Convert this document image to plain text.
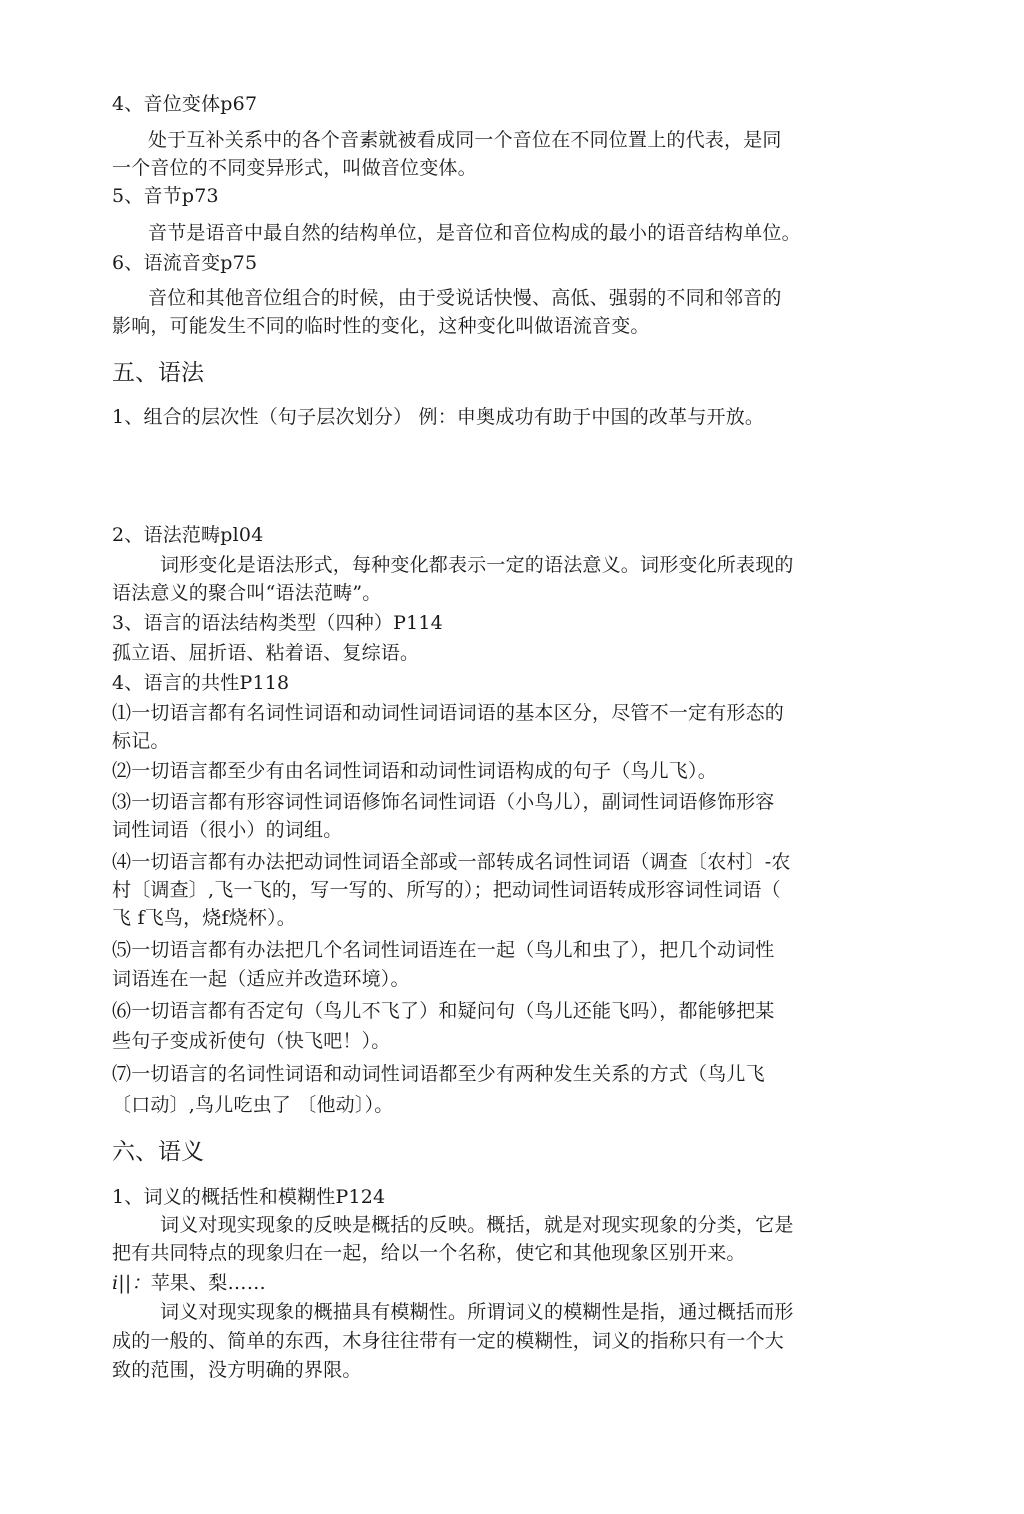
4、音位变体p67
处于互补关系中的各个音素就被看成同一个音位在不同位置上的代表，是同
一个音位的不同变异形式，叫做音位变体。
5、音节p73
音节是语音中最自然的结构单位，是音位和音位构成的最小的语音结构单位。
6、语流音变p75
音位和其他音位组合的时候，由于受说话快慢、高低、强弱的不同和邻音的
影响，可能发生不同的临时性的变化，这种变化叫做语流音变。
五、语法
1、组合的层次性（句子层次划分） 例：申奥成功有助于中国的改革与开放。
2、语法范畴pl04
词形变化是语法形式，每种变化都表示一定的语法意义。词形变化所表现的
语法意义的聚合叫“语法范畴”。
3、语言的语法结构类型（四种）P114
孤立语、屈折语、粘着语、复综语。
4、语言的共性P118
⑴一切语言都有名词性词语和动词性词语词语的基本区分，尽管不一定有形态的
标记。
⑵一切语言都至少有由名词性词语和动词性词语构成的句子（鸟儿飞）。
⑶一切语言都有形容词性词语修饰名词性词语（小鸟儿），副词性词语修饰形容
词性词语（很小）的词组。
⑷一切语言都有办法把动词性词语全部或一部转成名词性词语（调查〔农村〕-农
村〔调查〕,飞一飞的，写一写的、所写的）；把动词性词语转成形容词性词语（
飞 f飞鸟，烧f烧杯）。
⑸一切语言都有办法把几个名词性词语连在一起（鸟儿和虫了），把几个动词性
词语连在一起（适应并改造环境）。
⑹一切语言都有否定句（鸟儿不飞了）和疑问句（鸟儿还能飞吗），都能够把某
些句子变成祈使句（快飞吧！）。
⑺一切语言的名词性词语和动词性词语都至少有两种发生关系的方式（鸟儿飞
〔口动〕,鸟儿吃虫了 〔他动〕）。
六、语义
1、词义的概括性和模糊性P124
词义对现实现象的反映是概括的反映。概括，就是对现实现象的分类，它是
把有共同特点的现象归在一起，给以一个名称，使它和其他现象区别开来。
i||：苹果、梨……
词义对现实现象的概描具有模糊性。所谓词义的模糊性是指，通过概括而形
成的一般的、简单的东西，木身往往带有一定的模糊性，词义的指称只有一个大
致的范围，没方明确的界限。
